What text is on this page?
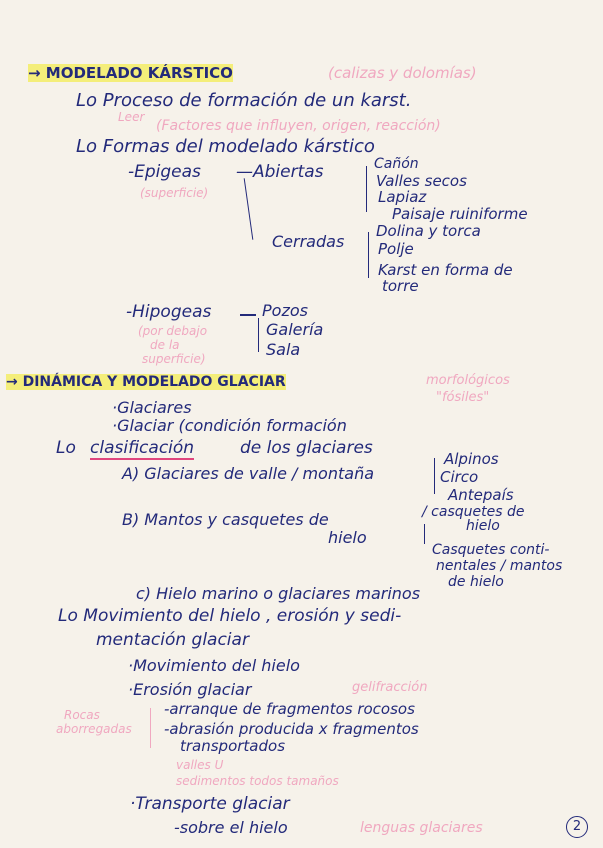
→ MODELADO KÁRSTICO	(calizas y dolomías)
Lo Proceso de formación de un karst.
Leer
(Factores que influyen, origen, reacción)
Lo Formas del modelado kárstico
-Epigeas
(superficie)
—Abiertas	Cañón
Valles secos
Lapiaz
Paisaje ruiniforme
Cerradas
Dolina y torca
Polje
Karst en forma de
torre
-Hipogeas
(por debajo
de la
superficie)
Pozos
Galería
Sala
→ DINÁMICA Y MODELADO GLACIAR	morfológicos
"fósiles"
·Glaciares
·Glaciar (condición formación
Lo clasificación	de los glaciares
A) Glaciares de valle / montaña
Alpinos
Circo
Antepaís
B) Mantos y casquetes de
hielo
/ casquetes de
hielo
Casquetes conti-
nentales / mantos
de hielo
c) Hielo marino o glaciares marinos
Lo Movimiento del hielo , erosión y sedi-
mentación glaciar
·Movimiento del hielo
·Erosión glaciar	gelifracción
Rocas
aborregadas
-arranque de fragmentos rocosos
-abrasión producida x fragmentos
transportados
valles U
sedimentos todos tamaños
·Transporte glaciar
-sobre el hielo	lenguas glaciares	2
